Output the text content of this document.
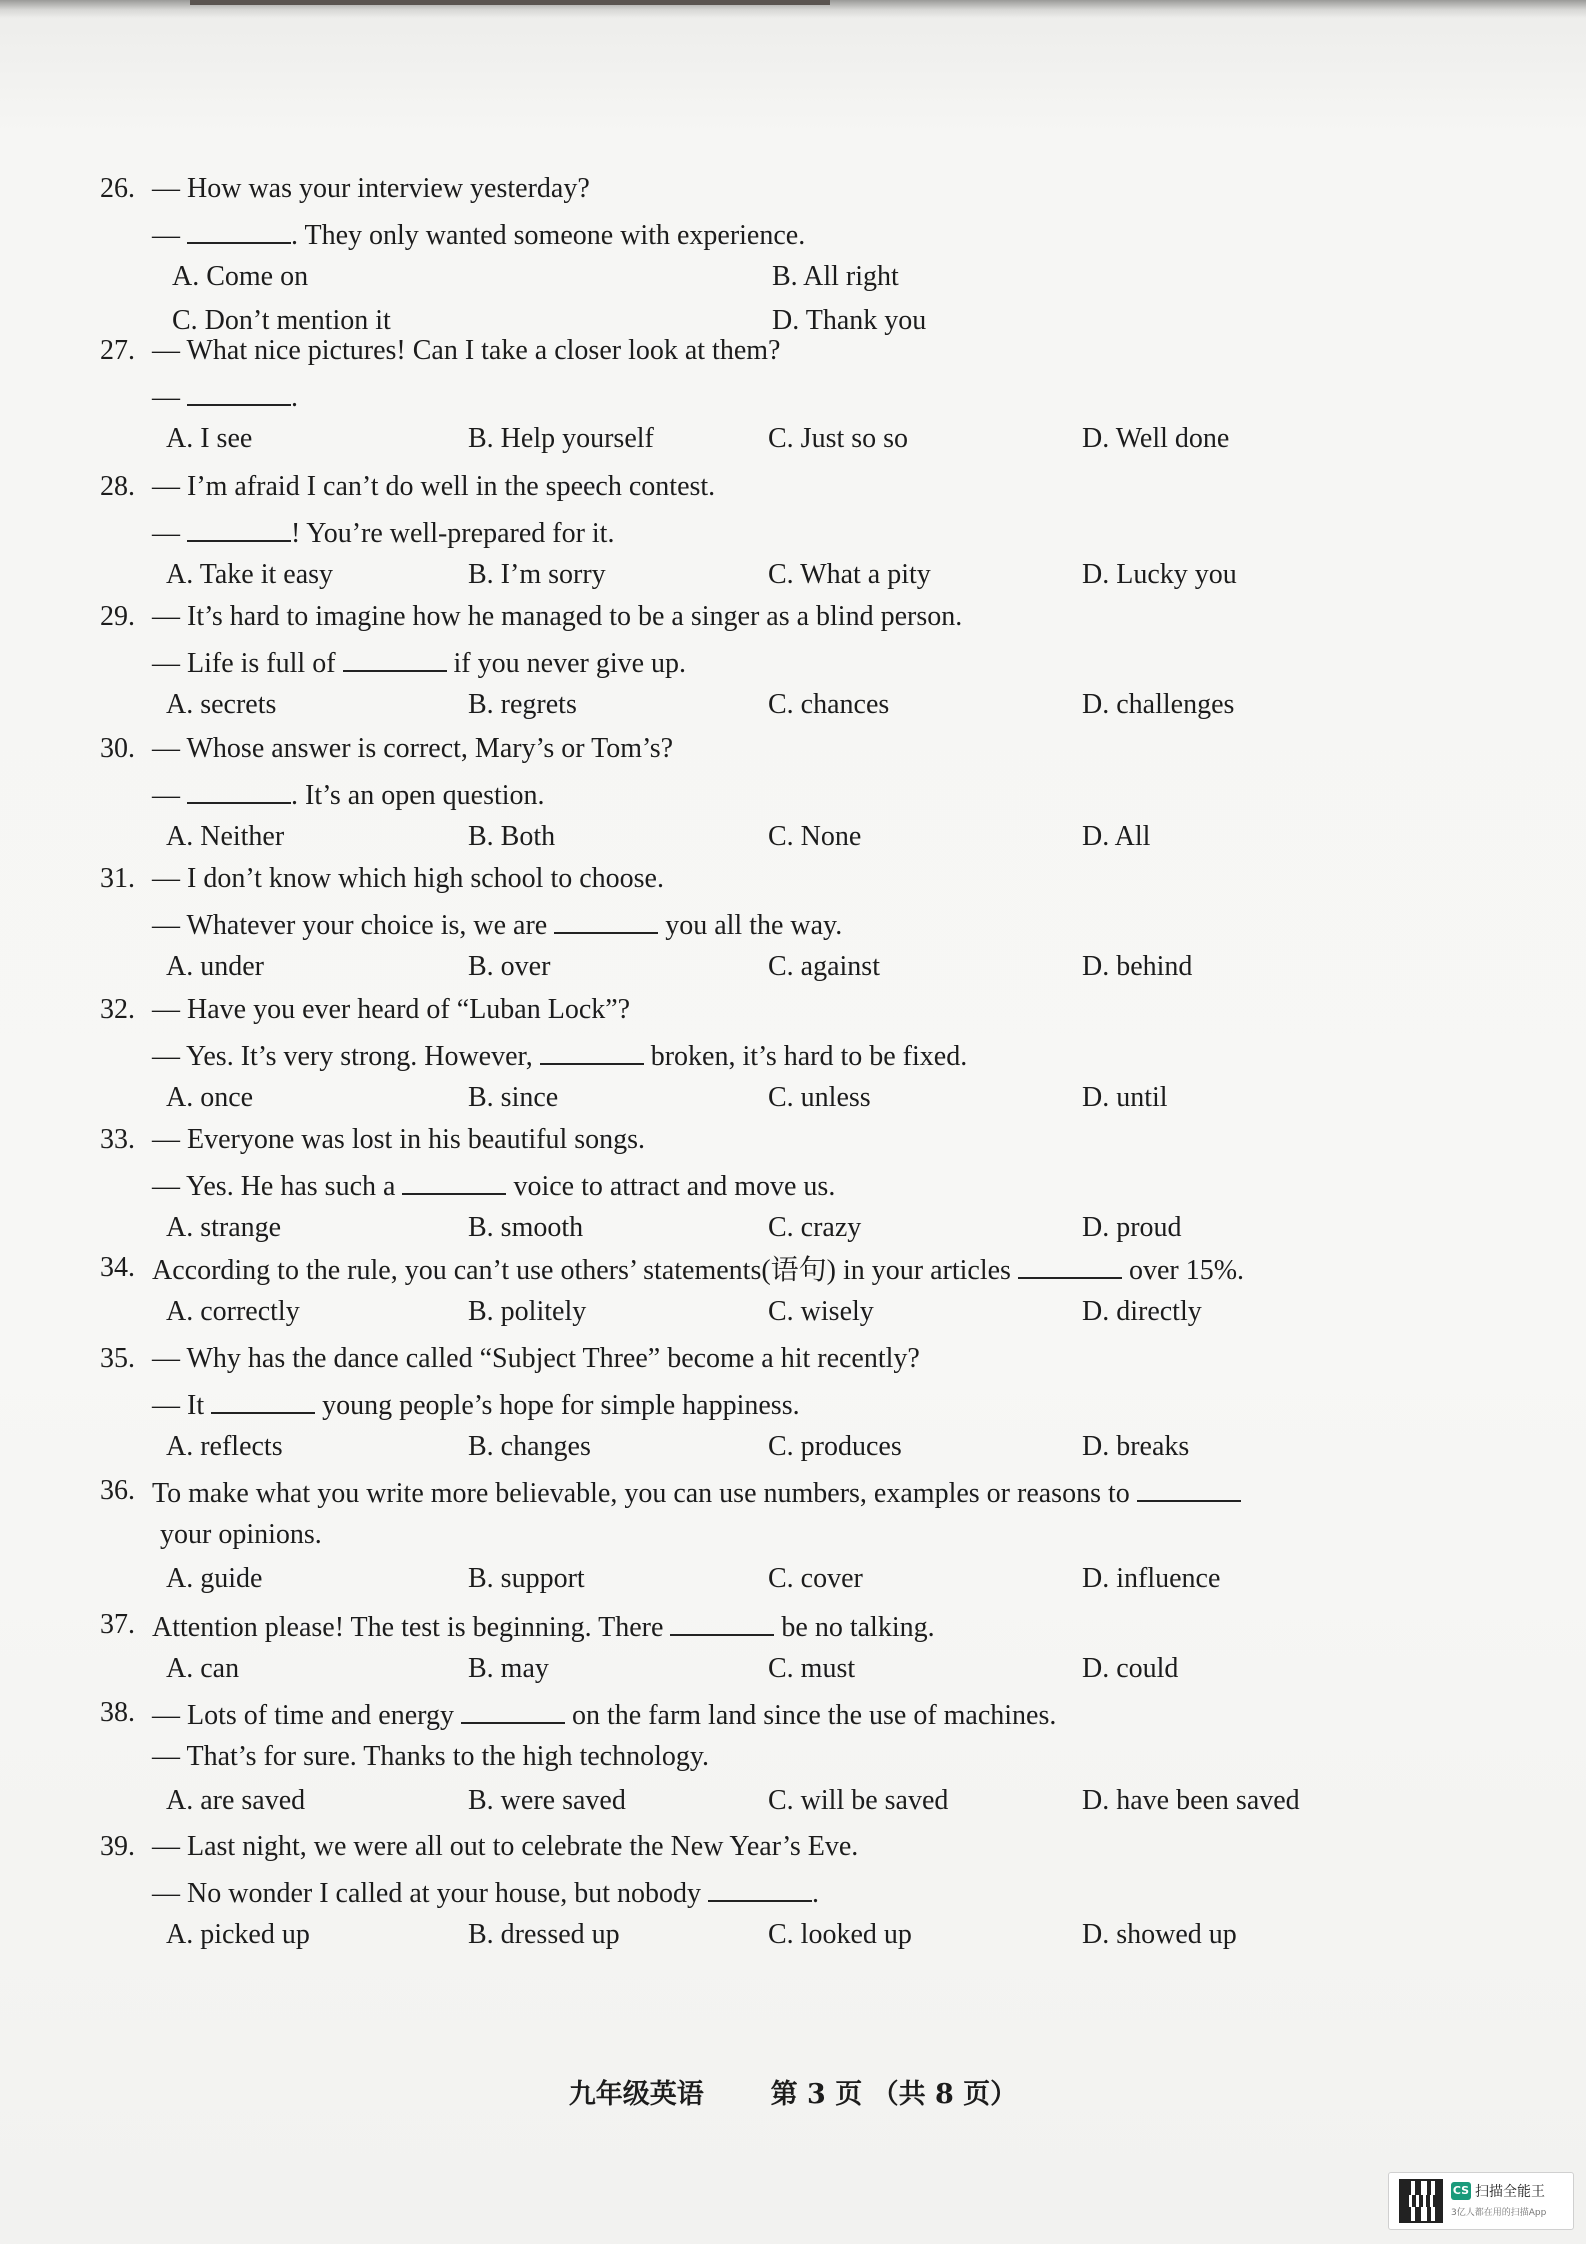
26. — How was your interview yesterday?
—	. They only wanted someone with experience.
A. Come on	B. All right
C. Don’t mention it	D. Thank you
27. — What nice pictures! Can I take a closer look at them?
—	.
A. I see	B. Help yourself	C. Just so so	D. Well done
28. — I’m afraid I can’t do well in the speech contest.
—	! You’re well-prepared for it.
A. Take it easy	B. I’m sorry	C. What a pity	D. Lucky you
29. — It’s hard to imagine how he managed to be a singer as a blind person.
— Life is full of	if you never give up.
A. secrets	B. regrets	C. chances	D. challenges
30. — Whose answer is correct, Mary’s or Tom’s?
—	. It’s an open question.
A. Neither	B. Both	C. None	D. All
31. — I don’t know which high school to choose.
— Whatever your choice is, we are	you all the way.
A. under	B. over	C. against	D. behind
32. — Have you ever heard of “Luban Lock”?
— Yes. It’s very strong. However,	broken, it’s hard to be fixed.
A. once	B. since	C. unless	D. until
33. — Everyone was lost in his beautiful songs.
— Yes. He has such a	voice to attract and move us.
A. strange	B. smooth	C. crazy	D. proud
34. According to the rule, you can’t use others’ statements(语句) in your articles	over 15%.
A. correctly	B. politely	C. wisely	D. directly
35. — Why has the dance called “Subject Three” become a hit recently?
— It	young people’s hope for simple happiness.
A. reflects	B. changes	C. produces	D. breaks
36. To make what you write more believable, you can use numbers, examples or reasons to
your opinions.
A. guide	B. support	C. cover	D. influence
37. Attention please! The test is beginning. There	be no talking.
A. can	B. may	C. must	D. could
38. — Lots of time and energy	on the farm land since the use of machines.
— That’s for sure. Thanks to the high technology.
A. are saved	B. were saved	C. will be saved	D. have been saved
39. — Last night, we were all out to celebrate the New Year’s Eve.
— No wonder I called at your house, but nobody	.
A. picked up	B. dressed up	C. looked up	D. showed up
九年级英语 第 3 页 （共 8 页）
CS 扫描全能王
3亿人都在用的扫描App
